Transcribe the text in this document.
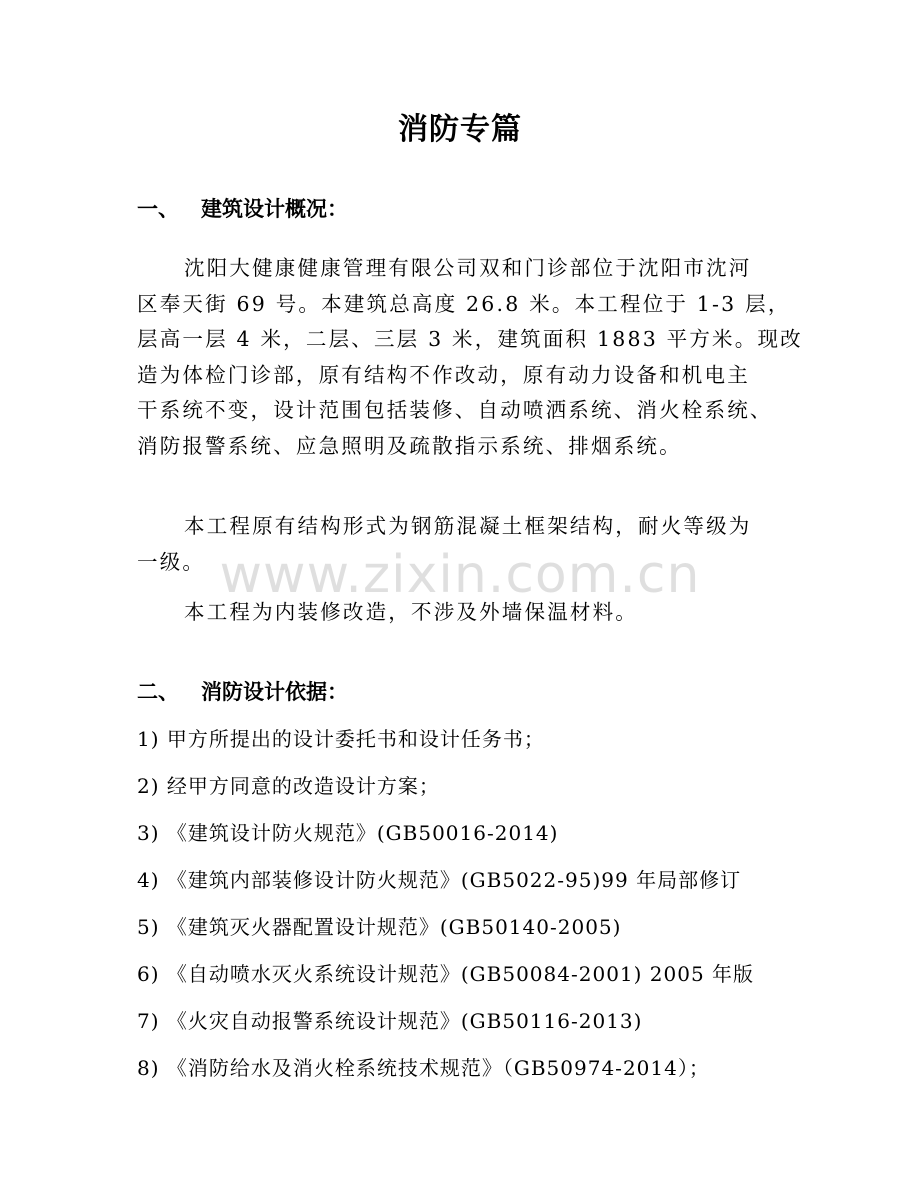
消防专篇
一、 建筑设计概况：
沈阳大健康健康管理有限公司双和门诊部位于沈阳市沈河
区奉天街 69 号。本建筑总高度 26.8 米。本工程位于 1-3 层，
层高一层 4 米，二层、三层 3 米，建筑面积 1883 平方米。现改
造为体检门诊部，原有结构不作改动，原有动力设备和机电主
干系统不变，设计范围包括装修、自动喷洒系统、消火栓系统、
消防报警系统、应急照明及疏散指示系统、排烟系统。
本工程原有结构形式为钢筋混凝土框架结构，耐火等级为
一级。
本工程为内装修改造，不涉及外墙保温材料。
二、 消防设计依据：
1) 甲方所提出的设计委托书和设计任务书；
2) 经甲方同意的改造设计方案；
3) 《建筑设计防火规范》(GB50016-2014)
4) 《建筑内部装修设计防火规范》(GB5022-95)99 年局部修订
5) 《建筑灭火器配置设计规范》(GB50140-2005)
6) 《自动喷水灭火系统设计规范》(GB50084-2001) 2005 年版
7) 《火灾自动报警系统设计规范》(GB50116-2013)
8) 《消防给水及消火栓系统技术规范》（GB50974-2014）；
www.zixin.com.cn
